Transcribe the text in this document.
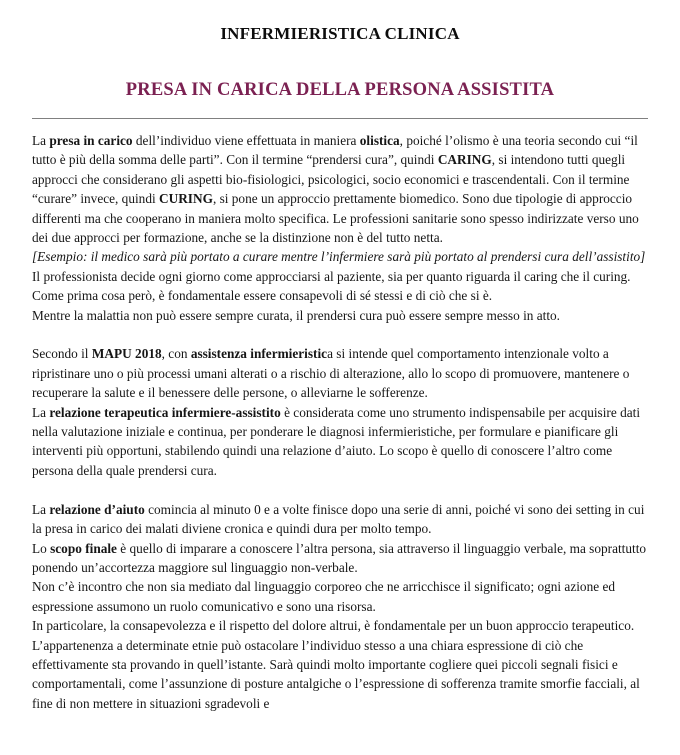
INFERMIERISTICA CLINICA
PRESA IN CARICA DELLA PERSONA ASSISTITA

La presa in carico dell’individuo viene effettuata in maniera olistica, poiché l’olismo è una teoria secondo cui “il tutto è più della somma delle parti”. Con il termine “prendersi cura”, quindi CARING, si intendono tutti quegli approcci che considerano gli aspetti bio-fisiologici, psicologici, socio economici e trascendentali. Con il termine “curare” invece, quindi CURING, si pone un approccio prettamente biomedico. Sono due tipologie di approccio differenti ma che cooperano in maniera molto specifica. Le professioni sanitarie sono spesso indirizzate verso uno dei due approcci per formazione, anche se la distinzione non è del tutto netta.

[Esempio: il medico sarà più portato a curare mentre l’infermiere sarà più portato al prendersi cura dell’assistito]

Il professionista decide ogni giorno come approcciarsi al paziente, sia per quanto riguarda il caring che il curing. Come prima cosa però, è fondamentale essere consapevoli di sé stessi e di ciò che si è.

Mentre la malattia non può essere sempre curata, il prendersi cura può essere sempre messo in atto.

Secondo il MAPU 2018, con assistenza infermieristica si intende quel comportamento intenzionale volto a ripristinare uno o più processi umani alterati o a rischio di alterazione, allo lo scopo di promuovere, mantenere o recuperare la salute e il benessere delle persone, o alleviarne le sofferenze.

La relazione terapeutica infermiere-assistito è considerata come uno strumento indispensabile per acquisire dati nella valutazione iniziale e continua, per ponderare le diagnosi infermieristiche, per formulare e pianificare gli interventi più opportuni, stabilendo quindi una relazione d’aiuto. Lo scopo è quello di conoscere l’altro come persona della quale prendersi cura.

La relazione d’aiuto comincia al minuto 0 e a volte finisce dopo una serie di anni, poiché vi sono dei setting in cui la presa in carico dei malati diviene cronica e quindi dura per molto tempo.

Lo scopo finale è quello di imparare a conoscere l’altra persona, sia attraverso il linguaggio verbale, ma soprattutto ponendo un’accortezza maggiore sul linguaggio non-verbale.

Non c’è incontro che non sia mediato dal linguaggio corporeo che ne arricchisce il significato; ogni azione ed espressione assumono un ruolo comunicativo e sono una risorsa.

In particolare, la consapevolezza e il rispetto del dolore altrui, è fondamentale per un buon approccio terapeutico. L’appartenenza a determinate etnie può ostacolare l’individuo stesso a una chiara espressione di ciò che effettivamente sta provando in quell’istante. Sarà quindi molto importante cogliere quei piccoli segnali fisici e comportamentali, come l’assunzione di posture antalgiche o l’espressione di sofferenza tramite smorfie facciali, al fine di non mettere in situazioni sgradevoli e
